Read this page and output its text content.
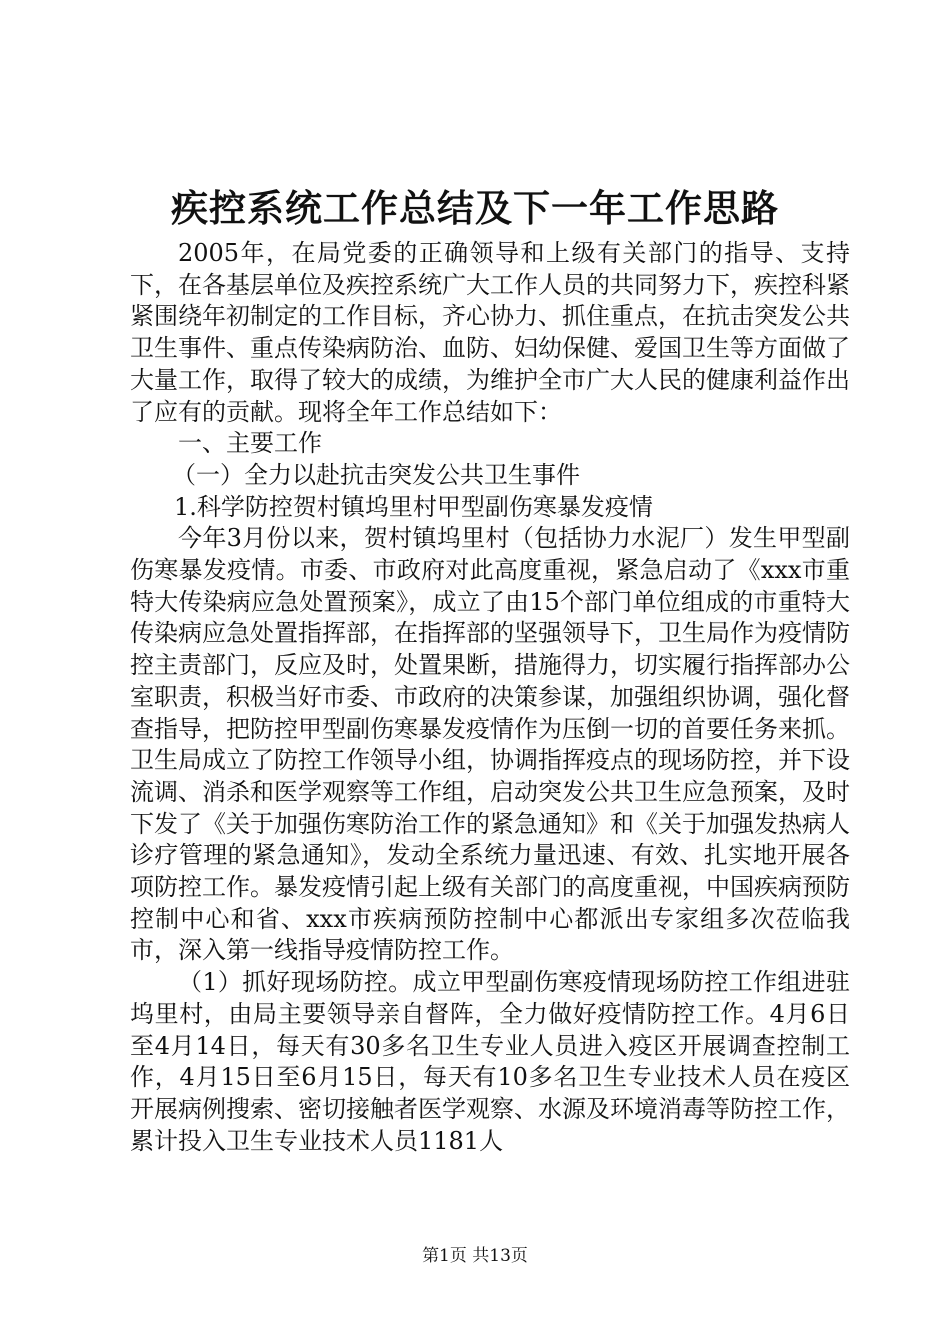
疾控系统工作总结及下一年工作思路

2005年，在局党委的正确领导和上级有关部门的指导、支持下，在各基层单位及疾控系统广大工作人员的共同努力下，疾控科紧紧围绕年初制定的工作目标，齐心协力、抓住重点，在抗击突发公共卫生事件、重点传染病防治、血防、妇幼保健、爱国卫生等方面做了大量工作，取得了较大的成绩，为维护全市广大人民的健康利益作出了应有的贡献。现将全年工作总结如下：

一、主要工作

（一）全力以赴抗击突发公共卫生事件

1.科学防控贺村镇坞里村甲型副伤寒暴发疫情

今年3月份以来，贺村镇坞里村（包括协力水泥厂）发生甲型副伤寒暴发疫情。市委、市政府对此高度重视，紧急启动了《xxx市重特大传染病应急处置预案》，成立了由15个部门单位组成的市重特大传染病应急处置指挥部，在指挥部的坚强领导下，卫生局作为疫情防控主责部门，反应及时，处置果断，措施得力，切实履行指挥部办公室职责，积极当好市委、市政府的决策参谋，加强组织协调，强化督查指导，把防控甲型副伤寒暴发疫情作为压倒一切的首要任务来抓。卫生局成立了防控工作领导小组，协调指挥疫点的现场防控，并下设流调、消杀和医学观察等工作组，启动突发公共卫生应急预案，及时下发了《关于加强伤寒防治工作的紧急通知》和《关于加强发热病人诊疗管理的紧急通知》，发动全系统力量迅速、有效、扎实地开展各项防控工作。暴发疫情引起上级有关部门的高度重视，中国疾病预防控制中心和省、xxx市疾病预防控制中心都派出专家组多次莅临我市，深入第一线指导疫情防控工作。

（1）抓好现场防控。成立甲型副伤寒疫情现场防控工作组进驻坞里村，由局主要领导亲自督阵，全力做好疫情防控工作。4月6日至4月14日，每天有30多名卫生专业人员进入疫区开展调查控制工作，4月15日至6月15日，每天有10多名卫生专业技术人员在疫区开展病例搜索、密切接触者医学观察、水源及环境消毒等防控工作，累计投入卫生专业技术人员1181人

第1页 共13页
